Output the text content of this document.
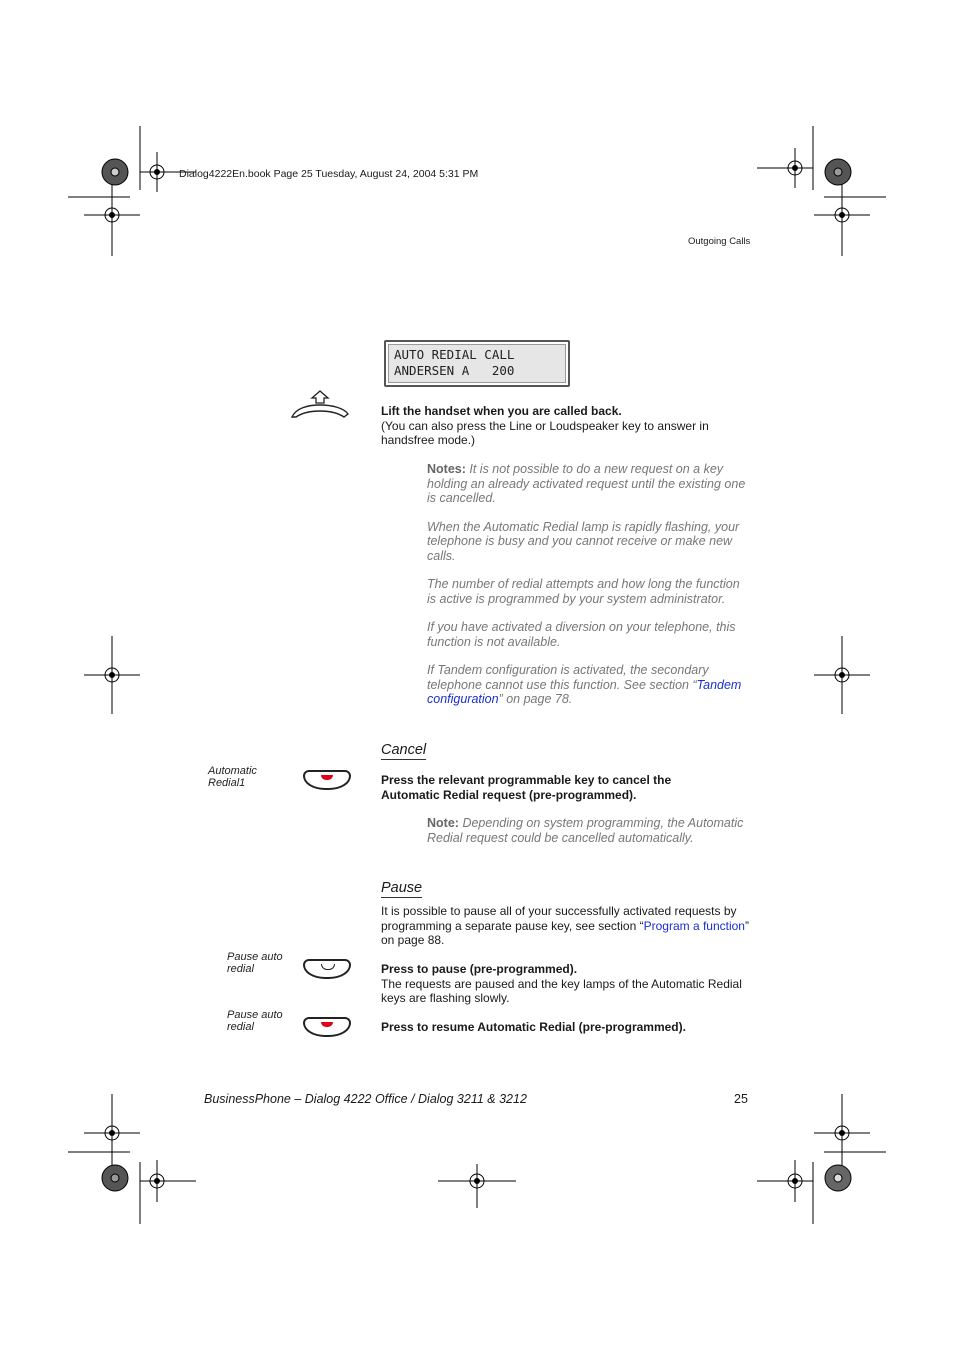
Dialog4222En.book Page 25 Tuesday, August 24, 2004 5:31 PM
Outgoing Calls
AUTO REDIAL CALL
ANDERSEN A   200
Lift the handset when you are called back.
(You can also press the Line or Loudspeaker key to answer in handsfree mode.)
Notes: It is not possible to do a new request on a key holding an already activated request until the existing one is cancelled.
When the Automatic Redial lamp is rapidly flashing, your telephone is busy and you cannot receive or make new calls.
The number of redial attempts and how long the function is active is programmed by your system administrator.
If you have activated a diversion on your telephone, this function is not available.
If Tandem configuration is activated, the secondary telephone cannot use this function. See section “Tandem configuration” on page 78.
Cancel
Automatic Redial1	Press the relevant programmable key to cancel the Automatic Redial request (pre-programmed).
Note: Depending on system programming, the Automatic Redial request could be cancelled automatically.
Pause
It is possible to pause all of your successfully activated requests by programming a separate pause key, see section “Program a function” on page 88.
Pause auto redial	Press to pause (pre-programmed).
The requests are paused and the key lamps of the Automatic Redial keys are flashing slowly.
Pause auto redial	Press to resume Automatic Redial (pre-programmed).
BusinessPhone – Dialog 4222 Office / Dialog 3211 & 3212	25
